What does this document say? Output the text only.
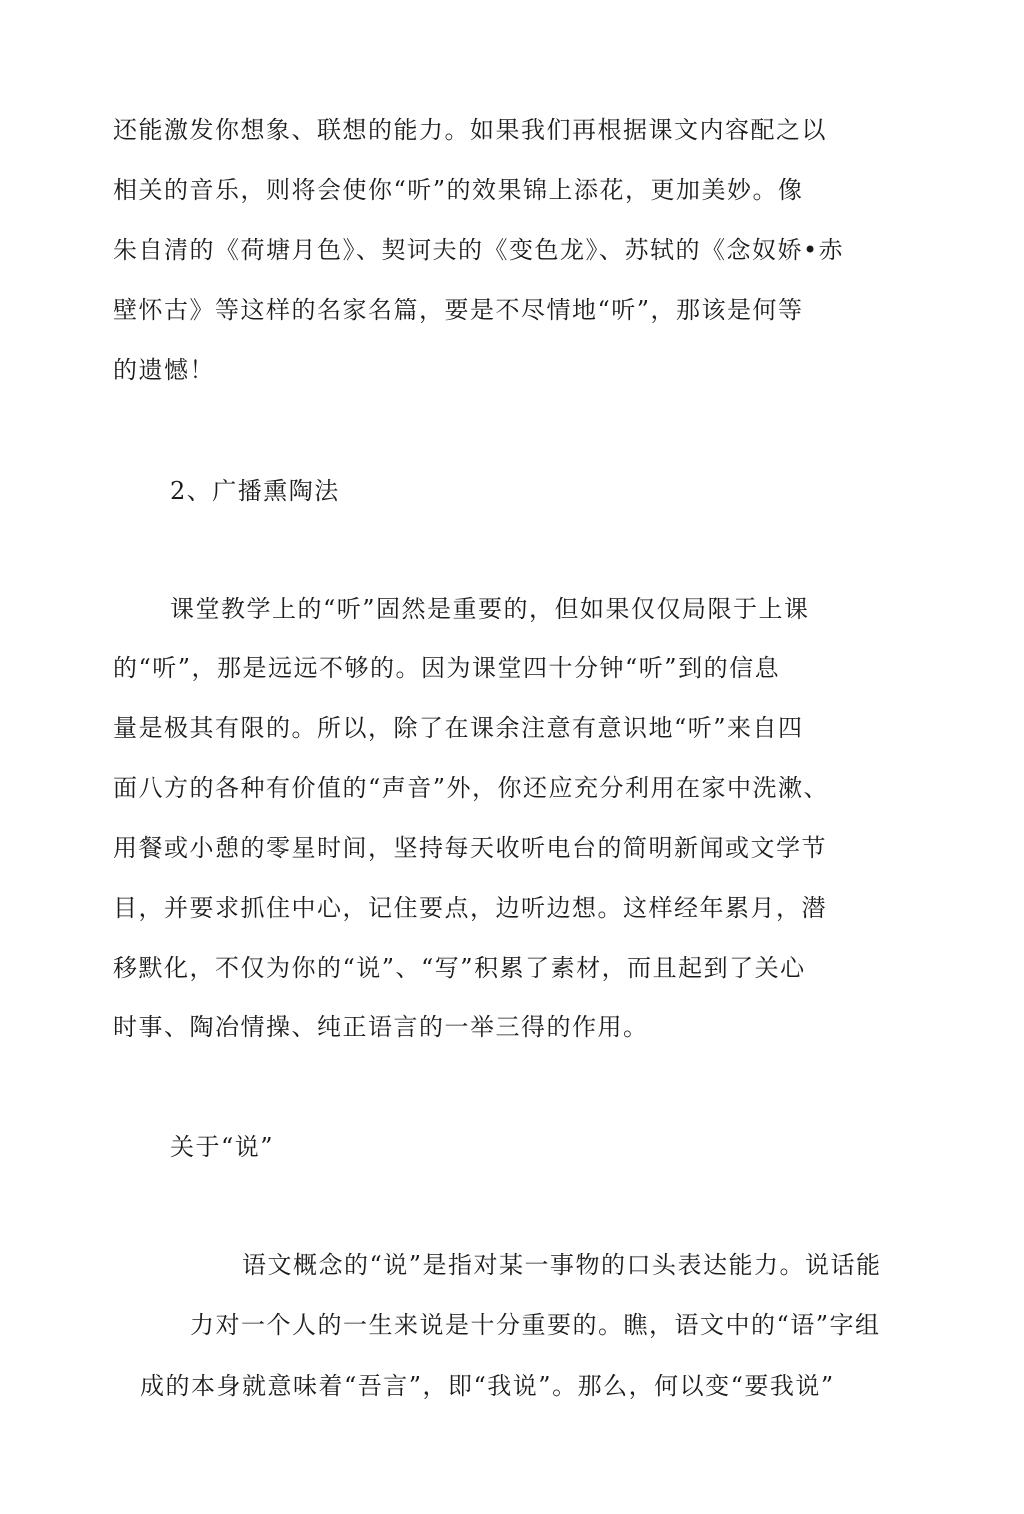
还能激发你想象、联想的能力。如果我们再根据课文内容配之以
相关的音乐，则将会使你“听”的效果锦上添花，更加美妙。像
朱自清的《荷塘月色》、契诃夫的《变色龙》、苏轼的《念奴娇•赤
壁怀古》等这样的名家名篇，要是不尽情地“听”，那该是何等
的遗憾！
2、广播熏陶法
课堂教学上的“听”固然是重要的，但如果仅仅局限于上课
的“听”，那是远远不够的。因为课堂四十分钟“听”到的信息
量是极其有限的。所以，除了在课余注意有意识地“听”来自四
面八方的各种有价值的“声音”外，你还应充分利用在家中洗漱、
用餐或小憩的零星时间，坚持每天收听电台的简明新闻或文学节
目，并要求抓住中心，记住要点，边听边想。这样经年累月，潜
移默化，不仅为你的“说”、“写”积累了素材，而且起到了关心
时事、陶冶情操、纯正语言的一举三得的作用。
关于“说”
语文概念的“说”是指对某一事物的口头表达能力。说话能
力对一个人的一生来说是十分重要的。瞧，语文中的“语”字组
成的本身就意味着“吾言”，即“我说”。那么，何以变“要我说”
